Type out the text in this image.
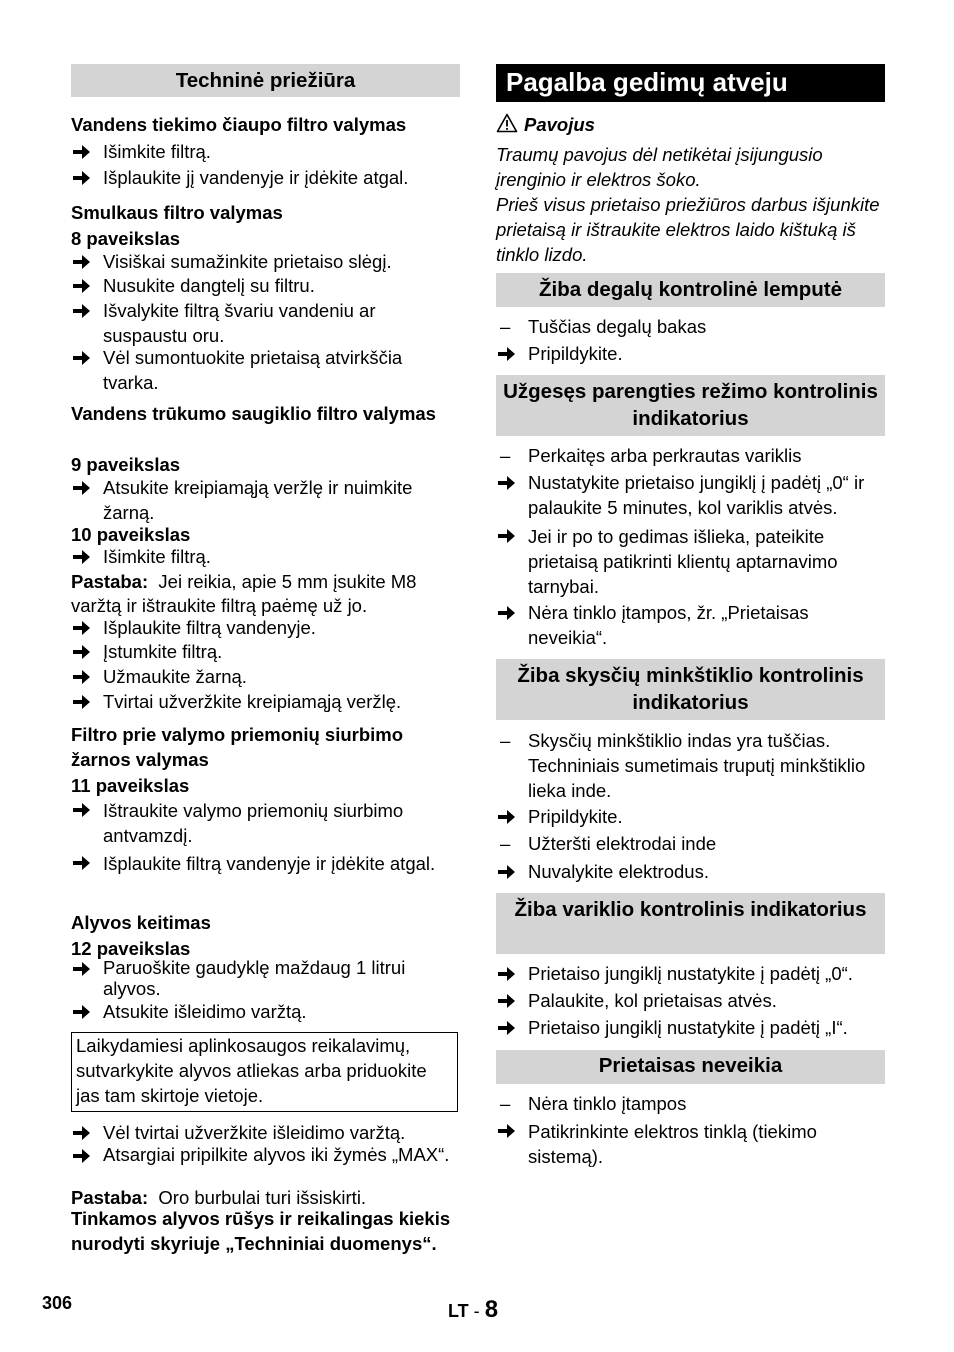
Techninė priežiūra
Vandens tiekimo čiaupo filtro valymas
Išimkite filtrą.
Išplaukite jį vandenyje ir įdėkite atgal.
Smulkaus filtro valymas
8 paveikslas
Visiškai sumažinkite prietaiso slėgį.
Nusukite dangtelį su filtru.
Išvalykite filtrą švariu vandeniu ar suspaustu oru.
Vėl sumontuokite prietaisą atvirkščia tvarka.
Vandens trūkumo saugiklio filtro valymas
9 paveikslas
Atsukite kreipiamąją veržlę ir nuimkite žarną.
10 paveikslas
Išimkite filtrą.
Pastaba: Jei reikia, apie 5 mm įsukite M8 varžtą ir ištraukite filtrą paėmę už jo.
Išplaukite filtrą vandenyje.
Įstumkite filtrą.
Užmaukite žarną.
Tvirtai užveržkite kreipiamąją veržlę.
Filtro prie valymo priemonių siurbimo žarnos valymas
11 paveikslas
Ištraukite valymo priemonių siurbimo antvamzdį.
Išplaukite filtrą vandenyje ir įdėkite atgal.
Alyvos keitimas
12 paveikslas
Paruoškite gaudyklę maždaug 1 litrui alyvos.
Atsukite išleidimo varžtą.
Laikydamiesi aplinkosaugos reikalavimų, sutvarkykite alyvos atliekas arba priduokite jas tam skirtoje vietoje.
Vėl tvirtai užveržkite išleidimo varžtą.
Atsargiai pripilkite alyvos iki žymės „MAX“.
Pastaba: Oro burbulai turi išsiskirti.
Tinkamos alyvos rūšys ir reikalingas kiekis nurodyti skyriuje „Techniniai duomenys“.
Pagalba gedimų atveju
Pavojus
Traumų pavojus dėl netikėtai įsijungusio įrenginio ir elektros šoko.
Prieš visus prietaiso priežiūros darbus išjunkite prietaisą ir ištraukite elektros laido kištuką iš tinklo lizdo.
Žiba degalų kontrolinė lemputė
– Tuščias degalų bakas
Pripildykite.
Užgesęs parengties režimo kontrolinis indikatorius
– Perkaitęs arba perkrautas variklis
Nustatykite prietaiso jungiklį į padėtį „0“ ir palaukite 5 minutes, kol variklis atvės.
Jei ir po to gedimas išlieka, pateikite prietaisą patikrinti klientų aptarnavimo tarnybai.
Nėra tinklo įtampos, žr. „Prietaisas neveikia“.
Žiba skysčių minkštiklio kontrolinis indikatorius
– Skysčių minkštiklio indas yra tuščias. Techniniais sumetimais truputį minkštiklio lieka inde.
Pripildykite.
– Užteršti elektrodai inde
Nuvalykite elektrodus.
Žiba variklio kontrolinis indikatorius
Prietaiso jungiklį nustatykite į padėtį „0“.
Palaukite, kol prietaisas atvės.
Prietaiso jungiklį nustatykite į padėtį „I“.
Prietaisas neveikia
– Nėra tinklo įtampos
Patikrinkinte elektros tinklą (tiekimo sistemą).
306	LT - 8
